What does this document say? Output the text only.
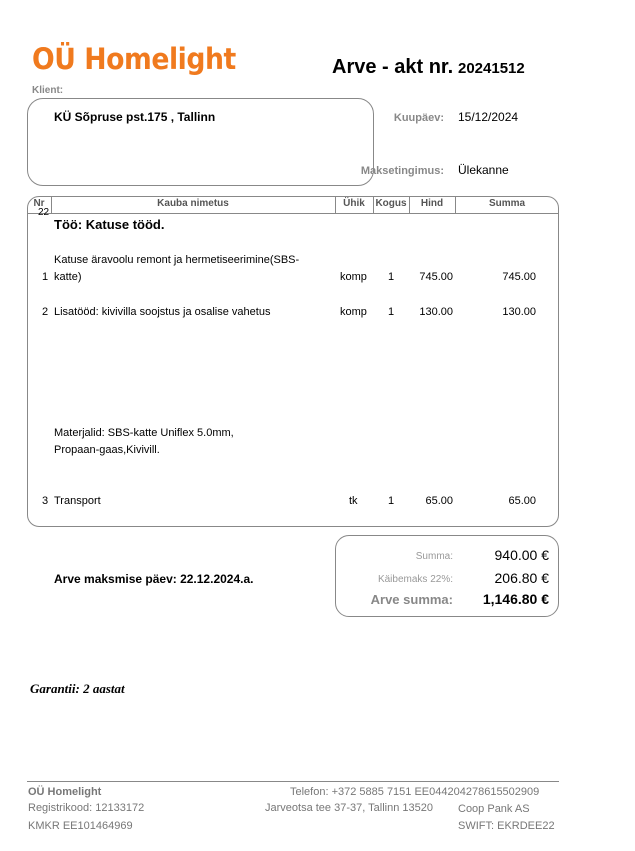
OÜ Homelight	Arve - akt nr. 20241512
Klient:
KÜ Sõpruse pst.175 , Tallinn	Kuupäev: 15/12/2024
Maksetingimus: Ülekanne
Nr	Kauba nimetus	Ühik	Kogus	Hind	Summa
22
Töö: Katuse tööd.
Katuse äravoolu remont ja hermetiseerimine(SBS-
1 katte)	komp 1	745.00	745.00
2 Lisatööd: kivivilla soojstus ja osalise vahetus	komp 1	130.00	130.00
Materjalid: SBS-katte Uniflex 5.0mm,
Propaan-gaas,Kivivill.
3 Transport	tk	1	65.00	65.00
Arve maksmise päev: 22.12.2024.a.
Summa:	940.00 €
Käibemaks 22%:	206.80 €
Arve summa:	1,146.80 €
Garantii: 2 aastat
OÜ Homelight
Registrikood: 12133172
KMKR EE101464969
Telefon: +372 5885 7151 EE044204278615502909
Jarveotsa tee 37-37, Tallinn 13520 Coop Pank AS
SWIFT: EKRDEE22
